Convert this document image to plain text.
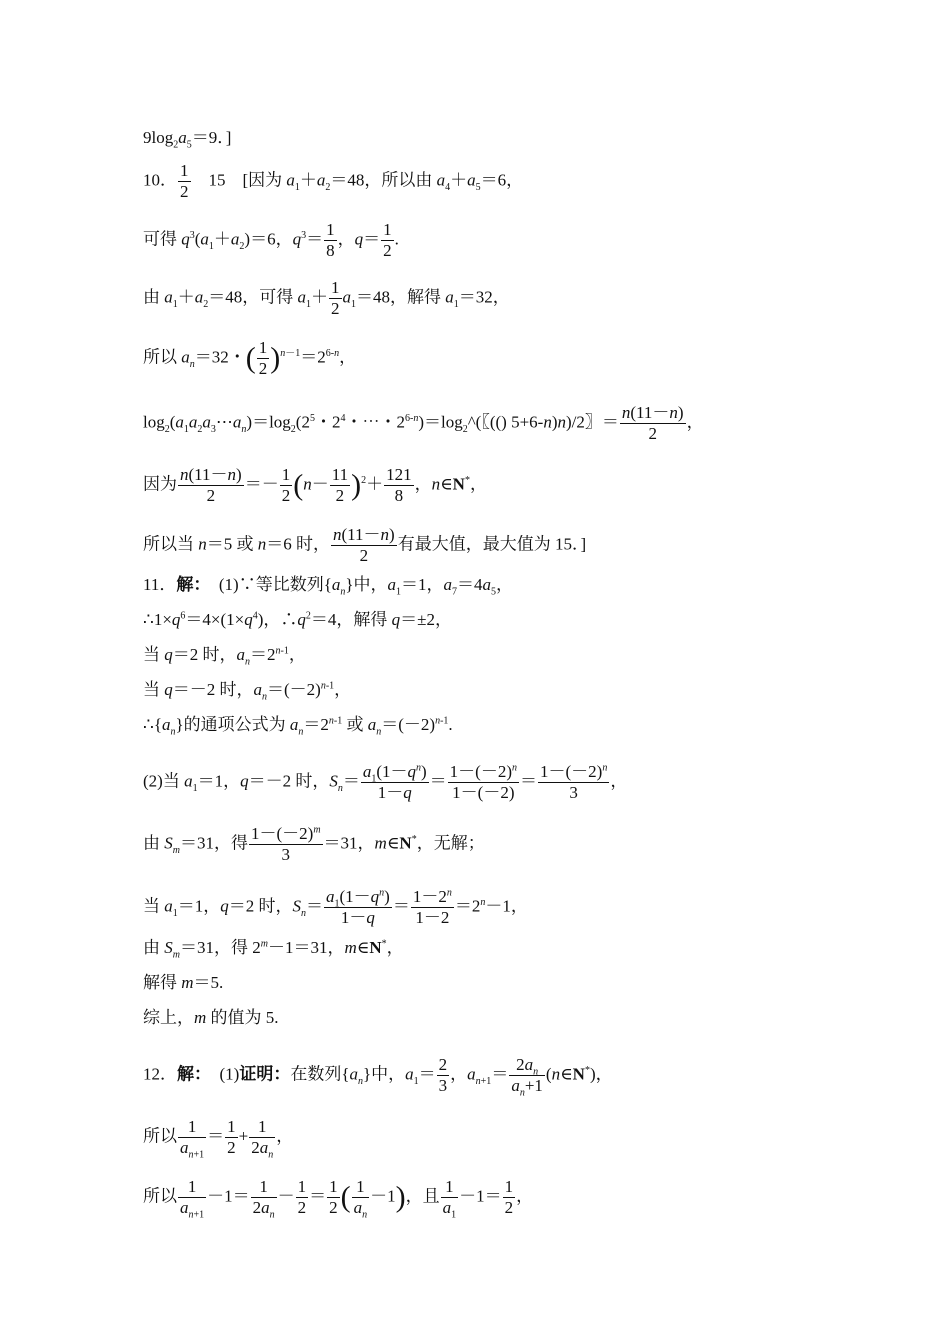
$9\log_2a_5=9$．]
10． $\frac{1}{2}$ 　15　[因为 $a_1+a_2=48$，所以由 $a_4+a_5=6$，
可得 $q^3(a_1+a_2)=6$，$q^3= \frac{1}{8}$ ，$q= \frac{1}{2}$ .
由 $a_1+a_2=48$，可得 $a_1+ \frac{1}{2} a_1=48$，解得 $a_1=32$，
所以 $a_n=32$・( $\frac{1}{2} )^{n-1}=2^{6-n}$，
$\log_2(a_1a_2a_3\cdots a_n)=\log_2(2^5$・$2^4$・⋯・$2^{6-n})=\log_2\^{}$(〖(() 5+6-n)n)/2〗＝ $\frac{n(11-n)}{2}$ ，
因为 $\frac{n(11-n)}{2} =- \frac{1}{2} (n- \frac{11}{2} )^2+ \frac{121}{8}$ ，n∈N*，
所以当 n＝5 或 n＝6 时， $\frac{n(11-n)}{2}$ 有最大值，最大值为 15．]
11．解：　(1)∵等比数列$\{a_n\}$中，$a_1=1$，$a_7=4a_5$，
$\therefore 1\times q^6=4\times(1\times q^4)$，$\therefore q^2=4$，解得 q＝±2，
当 q＝2 时，$a_n=2^{n-1}$，
当 q＝－2 时，$a_n=(-2)^{n-1}$，
$\therefore\{a_n\}$的通项公式为 $a_n=2^{n-1}$ 或 $a_n=(-2)^{n-1}$.
(2)当 $a_1=1$，q＝－2 时，$S_n= \frac{a_1(1-q^n)}{1-q} = \frac{1-(-2)^n}{1-(-2)} = \frac{1-(-2)^n}{3}$ ，
由 $S_m=31$，得 $\frac{1-(-2)^m}{3} =31$，m∈N*，无解；
当 $a_1=1$，q＝2 时，$S_n= \frac{a_1(1-q^n)}{1-q} = \frac{1-2^n}{1-2} =2^n-1$，
由 $S_m=31$，得 $2^m-1=31$，m∈N*，
解得 m＝5.
综上，m 的值为 5.
12．解：　(1)证明：在数列$\{a_n\}$中，$a_1= \frac{2}{3}$ ，$a_{n+1}= \frac{2a_n}{a_n+1}$ (n∈N*)，
所以 $\frac{1}{a_{n+1}} = \frac{1}{2} + \frac{1}{2a_n}$ ，
所以 $\frac{1}{a_{n+1}} -1= \frac{1}{2a_n} - \frac{1}{2} = \frac{1}{2}$ ( $\frac{1}{a_n} -1$)，且 $\frac{1}{a_1} -1= \frac{1}{2}$ ，
